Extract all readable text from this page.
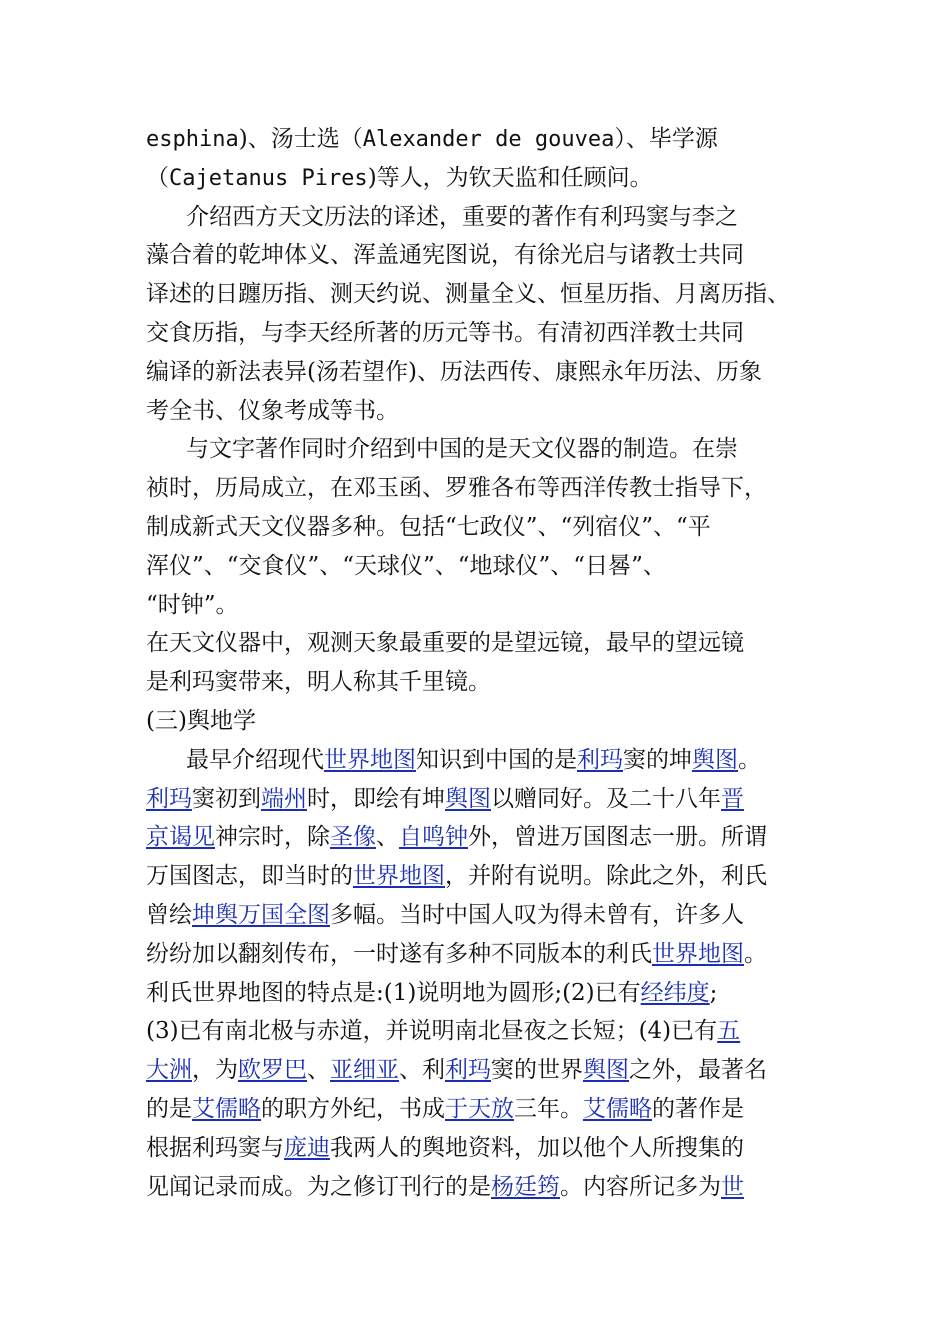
esphina)、汤士选（Alexander de gouvea）、毕学源
（Cajetanus Pires)等人，为钦天监和任顾问。
介绍西方天文历法的译述，重要的著作有利玛窦与李之
藻合着的乾坤体义、浑盖通宪图说，有徐光启与诸教士共同
译述的日躔历指、测天约说、测量全义、恒星历指、月离历指、
交食历指，与李天经所著的历元等书。有清初西洋教士共同
编译的新法表异(汤若望作)、历法西传、康熙永年历法、历象
考全书、仪象考成等书。
与文字著作同时介绍到中国的是天文仪器的制造。在崇
祯时，历局成立，在邓玉函、罗雅各布等西洋传教士指导下，
制成新式天文仪器多种。包括“七政仪”、“列宿仪”、“平
浑仪”、“交食仪”、“天球仪”、“地球仪”、“日晷”、
“时钟”。
在天文仪器中，观测天象最重要的是望远镜，最早的望远镜
是利玛窦带来，明人称其千里镜。
(三)舆地学
最早介绍现代世界地图知识到中国的是利玛窦的坤舆图。
利玛窦初到端州时，即绘有坤舆图以赠同好。及二十八年晋
京谒见神宗时，除圣像、自鸣钟外，曾进万国图志一册。所谓
万国图志，即当时的世界地图，并附有说明。除此之外，利氏
曾绘坤舆万国全图多幅。当时中国人叹为得未曾有，许多人
纷纷加以翻刻传布，一时遂有多种不同版本的利氏世界地图。
利氏世界地图的特点是:(1)说明地为圆形;(2)已有经纬度;
(3)已有南北极与赤道，并说明南北昼夜之长短；(4)已有五
大洲，为欧罗巴、亚细亚、利利玛窦的世界舆图之外，最著名
的是艾儒略的职方外纪，书成于天放三年。艾儒略的著作是
根据利玛窦与庞迪我两人的舆地资料，加以他个人所搜集的
见闻记录而成。为之修订刊行的是杨廷筠。内容所记多为世
